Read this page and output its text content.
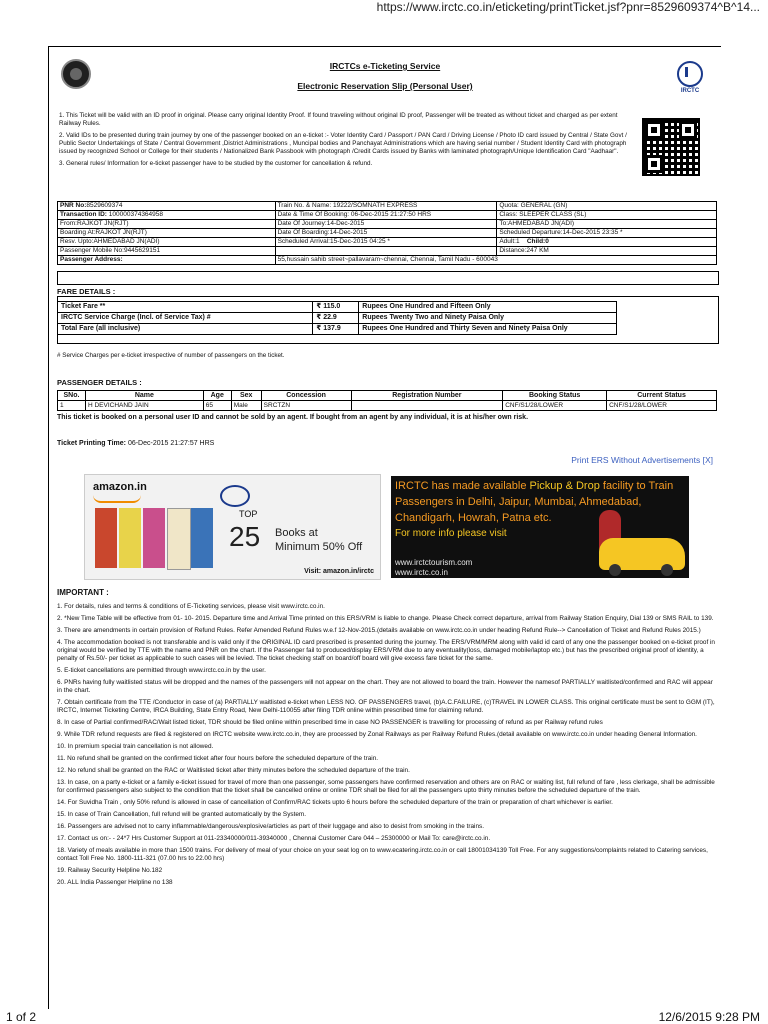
https://www.irctc.co.in/eticketing/printTicket.jsf?pnr=8529609374^B^14...
IRCTCs e-Ticketing Service
Electronic Reservation Slip (Personal User)	IRCTC

1. This Ticket will be valid with an ID proof in original. Please carry original Identity Proof. If found traveling without original ID proof, Passenger will be treated as without ticket and charged as per extent Railway Rules.

2. Valid IDs to be presented during train journey by one of the passenger booked on an e-ticket :- Voter Identity Card / Passport / PAN Card / Driving License / Photo ID card issued by Central / State Govt / Public Sector Undertakings of State / Central Government ,District Administrations , Muncipal bodies and Panchayat Administrations which are having serial number / Student Identity Card with photograph issued by recognized School or College for their students / Nationalized Bank Passbook with photograph /Credit Cards issued by Banks with laminated photograph/Unique Identification Card "Aadhaar".

3. General rules/ Information for e-ticket passenger have to be studied by the customer for cancellation & refund.

PNR No:8529609374	Train No. & Name: 19222/SOMNATH EXPRESS	Quota: GENERAL (GN)
Transaction ID: 100000374364958	Date & Time Of Booking: 06-Dec-2015 21:27:50 HRS	Class: SLEEPER CLASS (SL)
From:RAJKOT JN(RJT)	Date Of Journey:14-Dec-2015	To:AHMEDABAD JN(ADI)
Boarding At:RAJKOT JN(RJT)	Date Of Boarding:14-Dec-2015	Scheduled Departure:14-Dec-2015 23:35 *
Resv. Upto:AHMEDABAD JN(ADI)	Scheduled Arrival:15-Dec-2015 04:25 *	Adult:1 Child:0
Passenger Mobile No:9445629151		Distance:247 KM
Passenger Address:	55,hussain sahib street~pallavaram~chennai, Chennai, Tamil Nadu - 600043	
FARE DETAILS :
Ticket Fare **	₹ 115.0	Rupees One Hundred and Fifteen Only
IRCTC Service Charge (Incl. of Service Tax) #	₹ 22.9	Rupees Twenty Two and Ninety Paisa Only
Total Fare (all inclusive)	₹ 137.9	Rupees One Hundred and Thirty Seven and Ninety Paisa Only
# Service Charges per e-ticket irrespective of number of passengers on the ticket.
PASSENGER DETAILS :
SNo.	Name	Age	Sex	Concession	Registration Number	Booking Status	Current Status
1	H DEVICHAND JAIN	65	Male	SRCTZN		CNF/S1/28/LOWER	CNF/S1/28/LOWER
This ticket is booked on a personal user ID and cannot be sold by an agent. If bought from an agent by any individual, it is at his/her own risk.
Ticket Printing Time: 06-Dec-2015 21:27:57 HRS
Print ERS Without Advertisements [X]
amazon.in
TOP
25 Books at
Minimum 50% Off
Visit: amazon.in/irctc
IRCTC has made available Pickup & Drop facility to Train
Passengers in Delhi, Jaipur, Mumbai, Ahmedabad,
Chandigarh, Howrah, Patna etc.
For more info please visit
www.irctctourism.com
www.irctc.co.in
IMPORTANT :

1. For details, rules and terms & conditions of E-Ticketing services, please visit www.irctc.co.in.

2. *New Time Table will be effective from 01- 10- 2015. Departure time and Arrival Time printed on this ERS/VRM is liable to change. Please Check correct departure, arrival from Railway Station Enquiry, Dial 139 or SMS RAIL to 139.

3. There are amendments in certain provision of Refund Rules. Refer Amended Refund Rules w.e.f 12-Nov-2015.(details available on www.irctc.co.in under heading Refund Rule--> Cancellation of Ticket and Refund Rules 2015.)

4. The accommodation booked is not transferable and is valid only if the ORIGINAL ID card prescribed is presented during the journey. The ERS/VRM/MRM along with valid id card of any one the passenger booked on e-ticket proof in original would be verified by TTE with the name and PNR on the chart. If the Passenger fail to produced/display ERS/VRM due to any eventuality(loss, damaged mobile/laptop etc.) but has the prescribed original proof of identity, a penalty of Rs.50/- per ticket as applicable to such cases will be levied. The ticket checking staff on board/off board will give excess fare ticket for the same.

5. E-ticket cancellations are permitted through www.irctc.co.in by the user.

6. PNRs having fully waitlisted status will be dropped and the names of the passengers will not appear on the chart. They are not allowed to board the train. However the namesof PARTIALLY waitlisted/confirmed and RAC will appear in the chart.

7. Obtain certificate from the TTE /Conductor in case of (a) PARTIALLY waitlisted e-ticket when LESS NO. OF PASSENGERS travel, (b)A.C.FAILURE, (c)TRAVEL IN LOWER CLASS. This original certificate must be sent to GGM (IT), IRCTC, Internet Ticketing Centre, IRCA Building, State Entry Road, New Delhi-110055 after filing TDR online within prescribed time for claiming refund.

8. In case of Partial confirmed/RAC/Wait listed ticket, TDR should be filed online within prescribed time in case NO PASSENGER is travelling for processing of refund as per Railway refund rules

9. While TDR refund requests are filed & registered on IRCTC website www.irctc.co.in, they are processed by Zonal Railways as per Railway Refund Rules.(detail available on www.irctc.co.in under heading General Information.

10. In premium special train cancellation is not allowed.

11. No refund shall be granted on the confirmed ticket after four hours before the scheduled departure of the train.

12. No refund shall be granted on the RAC or Waitlisted ticket after thirty minutes before the scheduled departure of the train.

13. In case, on a party e-ticket or a family e-ticket issued for travel of more than one passenger, some passengers have confirmed reservation and others are on RAC or waiting list, full refund of fare , less clerkage, shall be admissible for confirmed passengers also subject to the condition that the ticket shall be cancelled online or online TDR shall be filed for all the passengers upto thirty minutes before the scheduled departure of the train.

14. For Suvidha Train , only 50% refund is allowed in case of cancellation of Confirm/RAC tickets upto 6 hours before the scheduled departure of the train or preparation of chart whichever is earlier.

15. In case of Train Cancellation, full refund will be granted automatically by the System.

16. Passengers are advised not to carry inflammable/dangerous/explosive/articles as part of their luggage and also to desist from smoking in the trains.

17. Contact us on:- - 24*7 Hrs Customer Support at 011-23340000/011-39340000 , Chennai Customer Care 044 – 25300000 or Mail To: care@irctc.co.in.

18. Variety of meals available in more than 1500 trains. For delivery of meal of your choice on your seat log on to www.ecatering.irctc.co.in or call 18001034139 Toll Free. For any suggestions/complaints related to Catering services, contact Toll Free No. 1800-111-321 (07.00 hrs to 22.00 hrs)

19. Railway Security Helpline No.182

20. ALL India Passenger Helpline no 138

1 of 2	12/6/2015 9:28 PM
